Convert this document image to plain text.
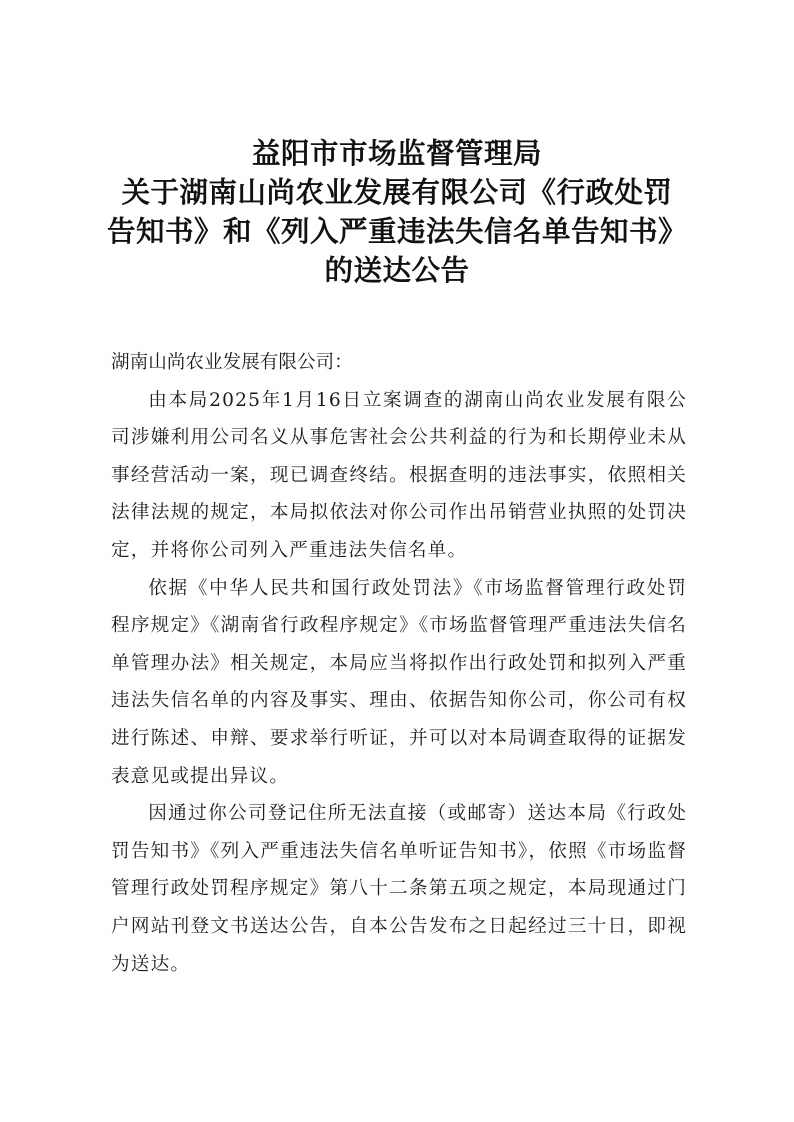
益阳市市场监督管理局
关于湖南山尚农业发展有限公司《行政处罚
告知书》和《列入严重违法失信名单告知书》
的送达公告

湖南山尚农业发展有限公司：

由本局2025年1月16日立案调查的湖南山尚农业发展有限公司涉嫌利用公司名义从事危害社会公共利益的行为和长期停业未从事经营活动一案，现已调查终结。根据查明的违法事实，依照相关法律法规的规定，本局拟依法对你公司作出吊销营业执照的处罚决定，并将你公司列入严重违法失信名单。

依据《中华人民共和国行政处罚法》《市场监督管理行政处罚程序规定》《湖南省行政程序规定》《市场监督管理严重违法失信名单管理办法》相关规定，本局应当将拟作出行政处罚和拟列入严重违法失信名单的内容及事实、理由、依据告知你公司，你公司有权进行陈述、申辩、要求举行听证，并可以对本局调查取得的证据发表意见或提出异议。

因通过你公司登记住所无法直接（或邮寄）送达本局《行政处罚告知书》《列入严重违法失信名单听证告知书》，依照《市场监督管理行政处罚程序规定》第八十二条第五项之规定，本局现通过门户网站刊登文书送达公告，自本公告发布之日起经过三十日，即视为送达。
